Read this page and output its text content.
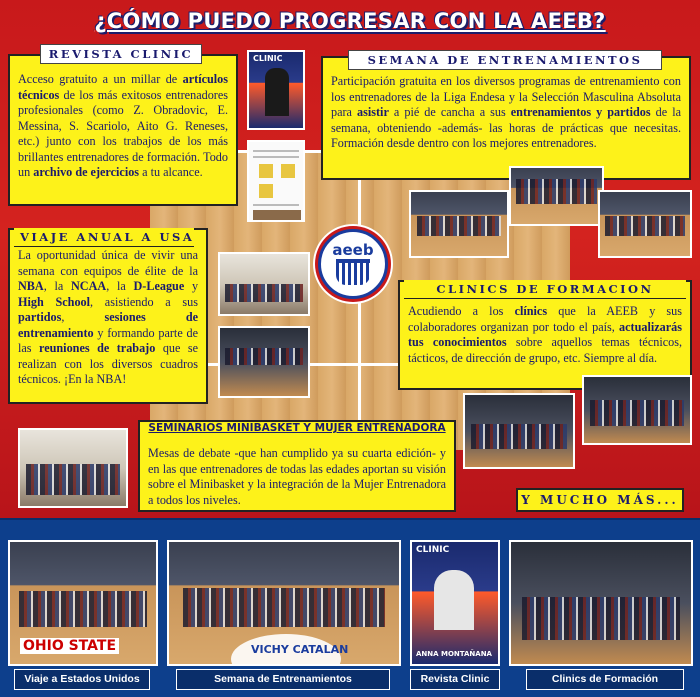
¿CÓMO PUEDO PROGRESAR CON LA AEEB?
Acceso gratuito a un millar de artículos técnicos de los más exitosos entrenadores profesionales (como Z. Obradovic, E. Messina, S. Scariolo, Aito G. Reneses, etc.) junto con los trabajos de los más brillantes entrenadores de formación. Todo un archivo de ejercicios a tu alcance.
REVISTA CLINIC	CLINIC
Participación gratuita en los diversos programas de entrenamiento con los entrenadores de la Liga Endesa y la Selección Masculina Absoluta para asistir a pié de cancha a sus entrenamientos y partidos de la semana, obteniendo -además- las horas de prácticas que necesitas. Formación desde dentro con los mejores entrenadores.
SEMANA DE ENTRENAMIENTOS
La oportunidad única de vivir una semana con equipos de élite de la NBA, la NCAA, la D-League y High School, asistiendo a sus partidos,	sesiones de entrenamiento y formando parte de las reuniones de trabajo que se realizan con los diversos cuadros técnicos. ¡En la NBA!
VIAJE ANUAL A USA
aeeb
Acudiendo a los clínics que la AEEB y sus colaboradores organizan por todo el país, actualizarás tus conocimientos sobre aquellos temas técnicos, tácticos, de dirección de grupo, etc. Siempre al día.
CLINICS DE FORMACION
Mesas de debate -que han cumplido ya su cuarta edición- y en las que entrenadores de todas las edades aportan su visión sobre el Minibasket y la integración de la Mujer Entrenadora a todos los niveles.
SEMINARIOS MINIBASKET Y MUJER ENTRENADORA
Y MUCHO MÁS...
OHIO STATE	VICHY CATALAN
CLINIC
ANNA MONTAÑANA
Viaje a Estados Unidos	Semana de Entrenamientos	Revista Clinic	Clinics de Formación
